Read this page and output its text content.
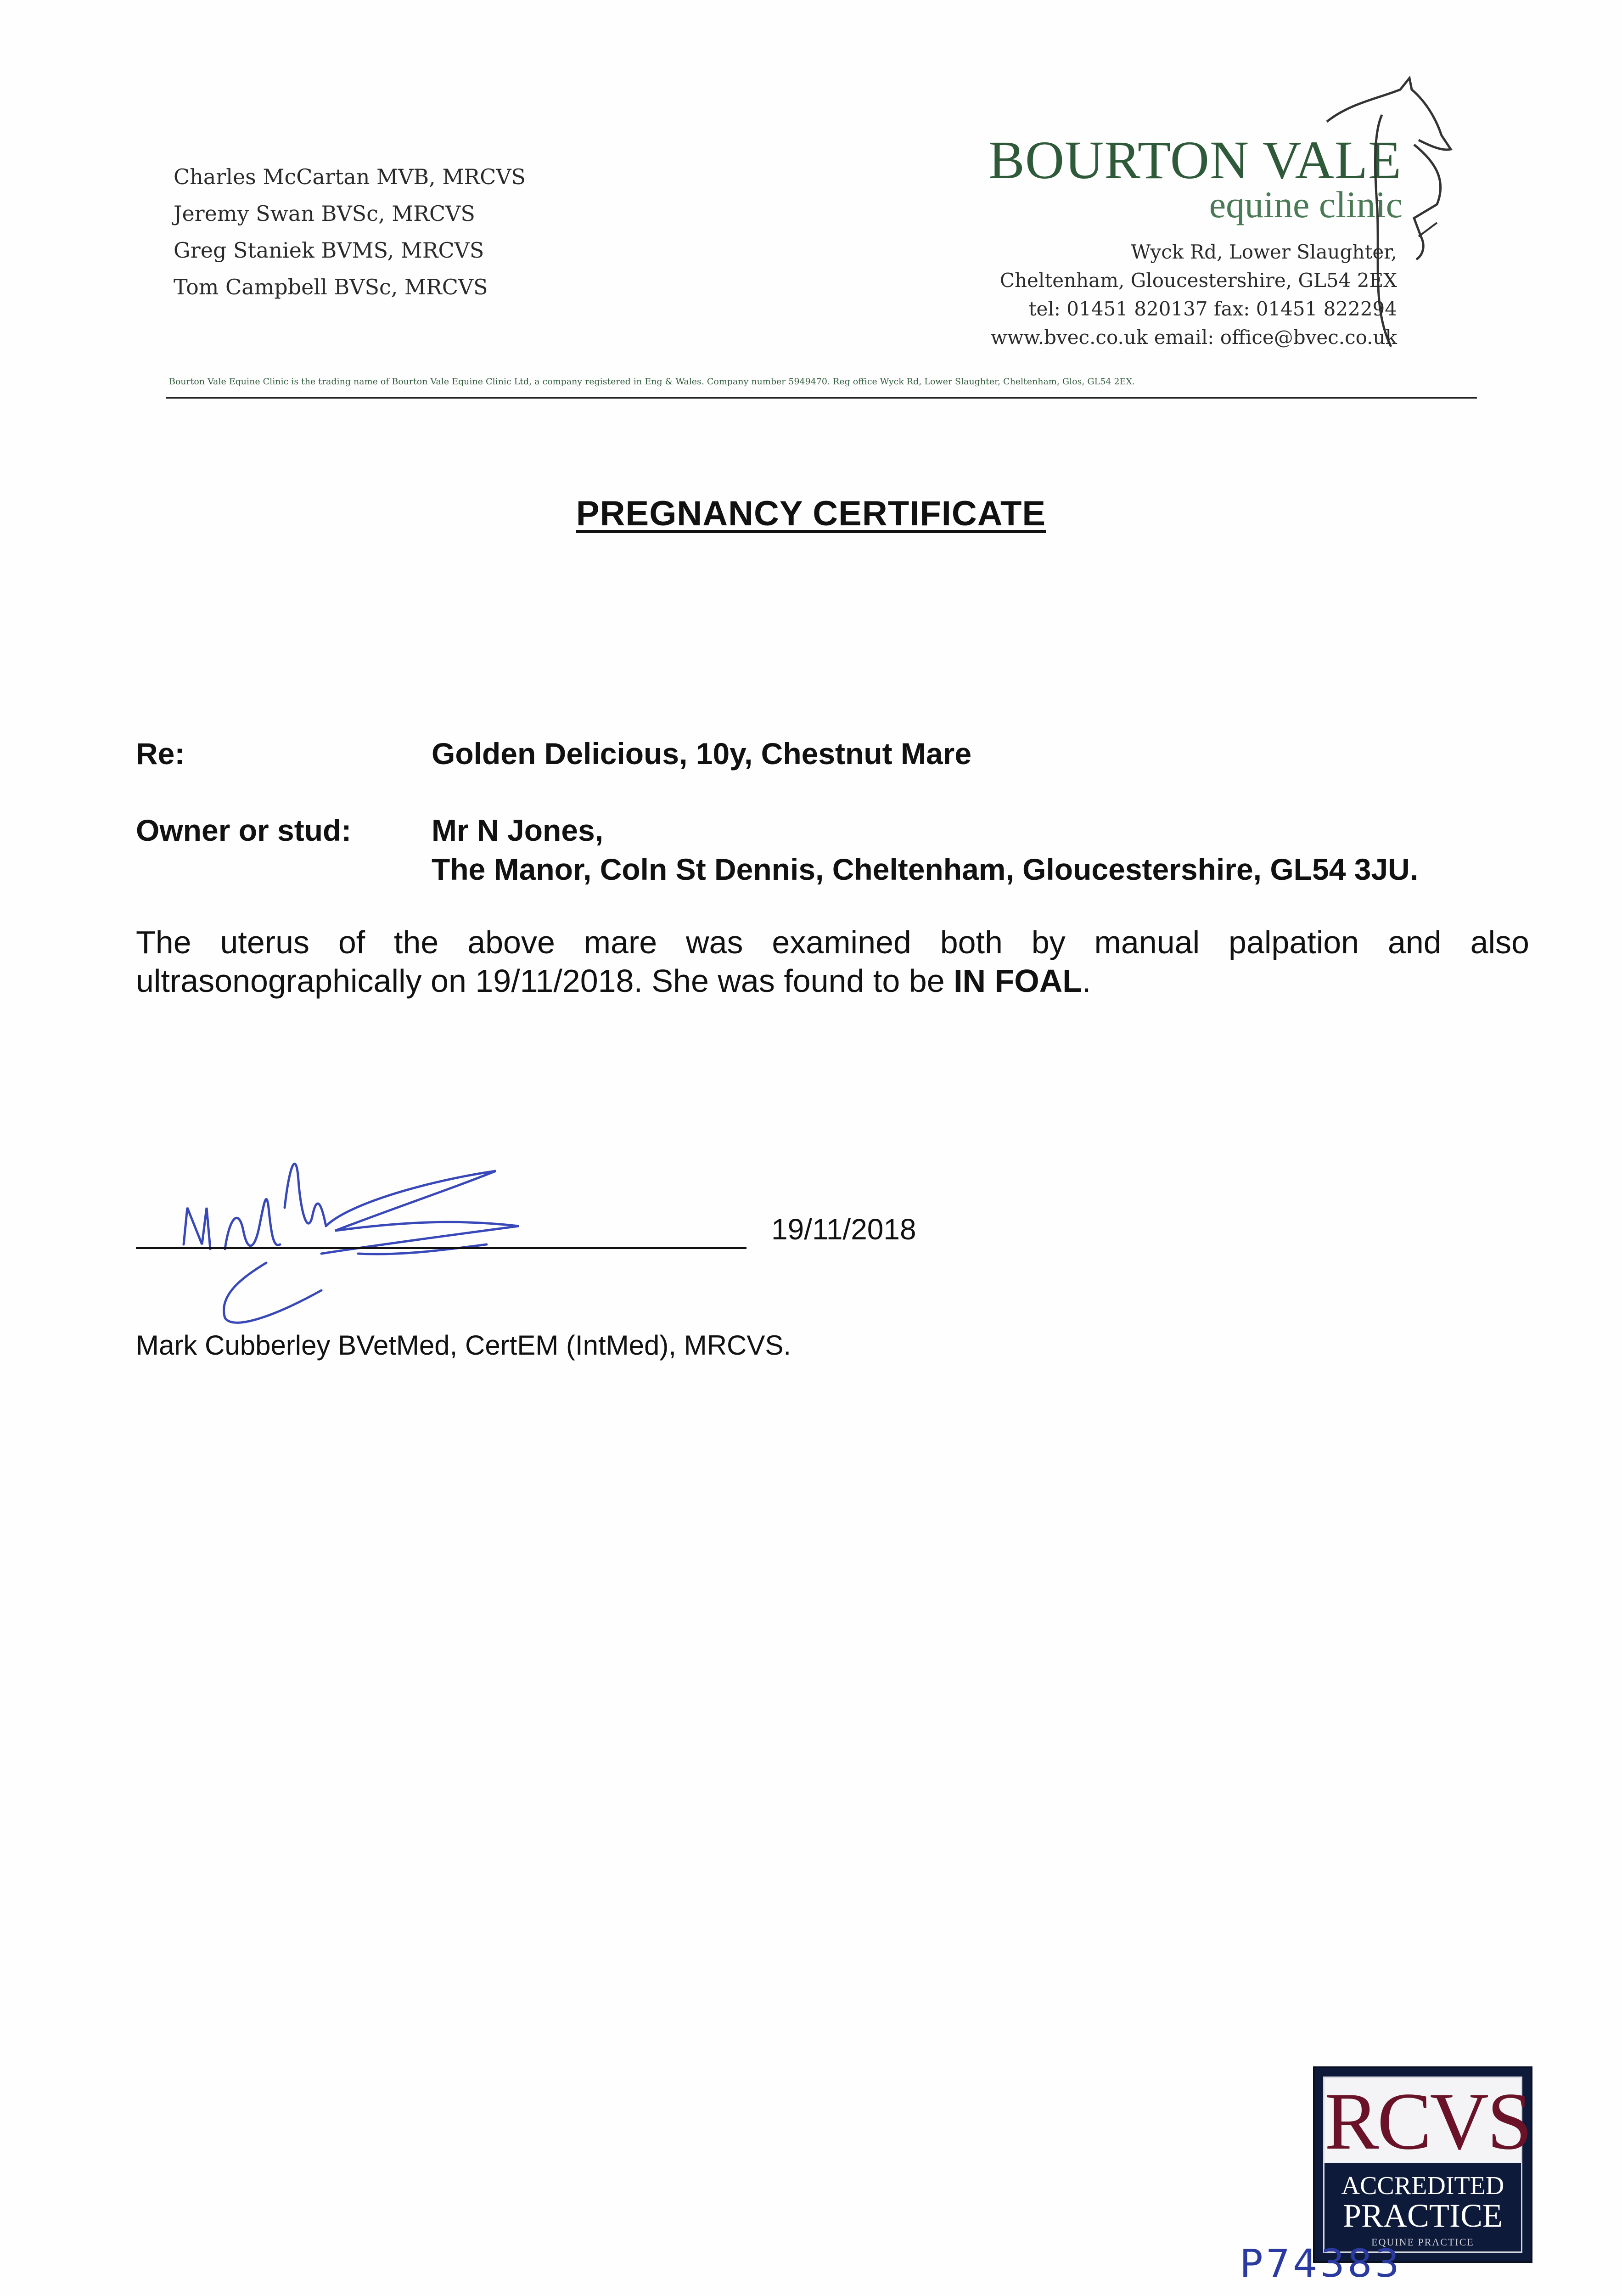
Charles McCartan MVB, MRCVS
Jeremy Swan BVSc, MRCVS
Greg Staniek BVMS, MRCVS
Tom Campbell BVSc, MRCVS
BOURTON VALE
equine clinic
Wyck Rd, Lower Slaughter,
Cheltenham, Gloucestershire, GL54 2EX
tel: 01451 820137 fax: 01451 822294
www.bvec.co.uk email: office@bvec.co.uk
Bourton Vale Equine Clinic is the trading name of Bourton Vale Equine Clinic Ltd, a company registered in Eng & Wales. Company number 5949470. Reg office Wyck Rd, Lower Slaughter, Cheltenham, Glos, GL54 2EX.
PREGNANCY CERTIFICATE
Re:	Golden Delicious, 10y, Chestnut Mare
Owner or stud:	Mr N Jones,
The Manor, Coln St Dennis, Cheltenham, Gloucestershire, GL54 3JU.
The uterus of the above mare was examined both by manual palpation and also
ultrasonographically on 19/11/2018. She was found to be IN FOAL.
19/11/2018
Mark Cubberley BVetMed, CertEM (IntMed), MRCVS.
RCVS
ACCREDITED
PRACTICE
EQUINE PRACTICE
P74383
